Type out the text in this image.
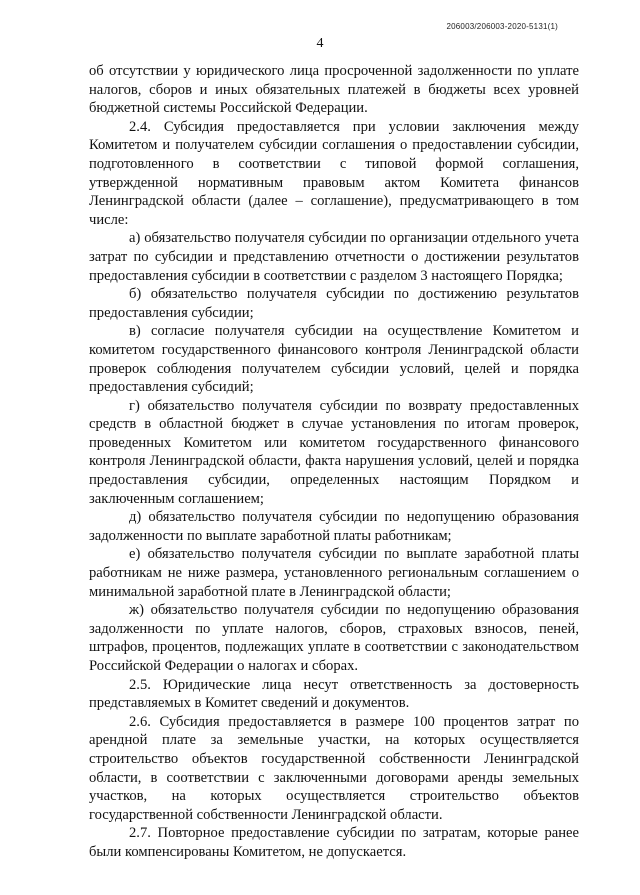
206003/206003-2020-5131(1)
4

об отсутствии у юридического лица просроченной задолженности по уплате налогов, сборов и иных обязательных платежей в бюджеты всех уровней бюджетной системы Российской Федерации.

2.4. Субсидия предоставляется при условии заключения между Комитетом и получателем субсидии соглашения о предоставлении субсидии, подготовленного в соответствии с типовой формой соглашения, утвержденной нормативным правовым актом Комитета финансов Ленинградской области (далее – соглашение), предусматривающего в том числе:

а) обязательство получателя субсидии по организации отдельного учета затрат по субсидии и представлению отчетности о достижении результатов предоставления субсидии в соответствии с разделом 3 настоящего Порядка;

б) обязательство получателя субсидии по достижению результатов предоставления субсидии;

в) согласие получателя субсидии на осуществление Комитетом и комитетом государственного финансового контроля Ленинградской области проверок соблюдения получателем субсидии условий, целей и порядка предоставления субсидий;

г) обязательство получателя субсидии по возврату предоставленных средств в областной бюджет в случае установления по итогам проверок, проведенных Комитетом или комитетом государственного финансового контроля Ленинградской области, факта нарушения условий, целей и порядка предоставления субсидии, определенных настоящим Порядком и заключенным соглашением;

д) обязательство получателя субсидии по недопущению образования задолженности по выплате заработной платы работникам;

е) обязательство получателя субсидии по выплате заработной платы работникам не ниже размера, установленного региональным соглашением о минимальной заработной плате в Ленинградской области;

ж) обязательство получателя субсидии по недопущению образования задолженности по уплате налогов, сборов, страховых взносов, пеней, штрафов, процентов, подлежащих уплате в соответствии с законодательством Российской Федерации о налогах и сборах.

2.5. Юридические лица несут ответственность за достоверность представляемых в Комитет сведений и документов.

2.6. Субсидия предоставляется в размере 100 процентов затрат по арендной плате за земельные участки, на которых осуществляется строительство объектов государственной собственности Ленинградской области, в соответствии с заключенными договорами аренды земельных участков, на которых осуществляется строительство объектов государственной собственности Ленинградской области.

2.7. Повторное предоставление субсидии по затратам, которые ранее были компенсированы Комитетом, не допускается.
